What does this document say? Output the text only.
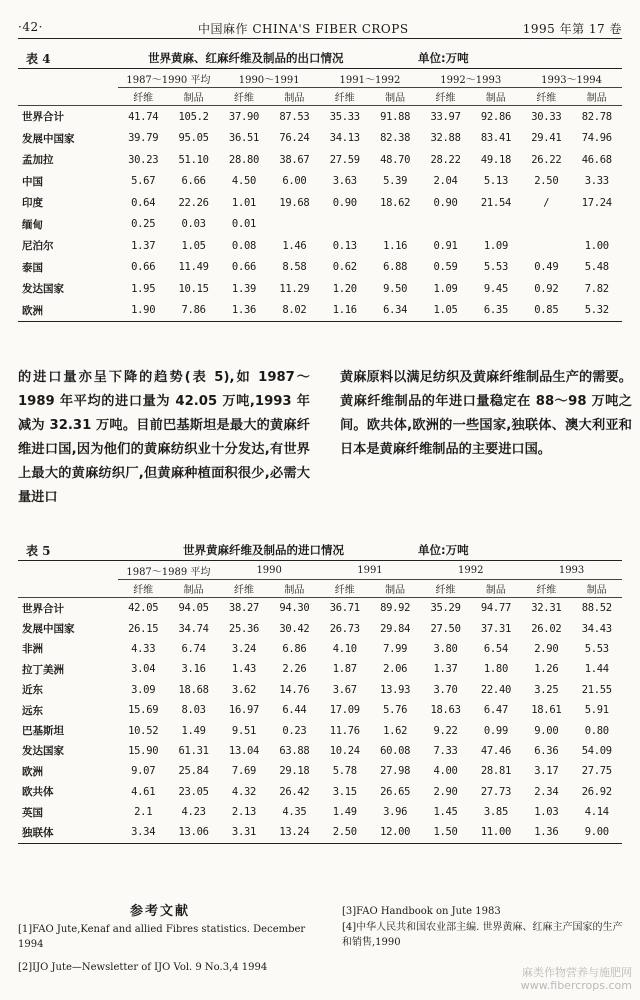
·42·	中国麻作 CHINA'S FIBER CROPS	1995 年第 17 卷
表 4	世界黄麻、红麻纤维及制品的出口情况	单位:万吨
	1987～1990 平均		1990～1991		1991～1992		1992～1993		1993～1994	
	纤维	制品	纤维	制品	纤维	制品	纤维	制品	纤维	制品
世界合计	41.74	105.2	37.90	87.53	35.33	91.88	33.97	92.86	30.33	82.78
发展中国家	39.79	95.05	36.51	76.24	34.13	82.38	32.88	83.41	29.41	74.96
孟加拉	30.23	51.10	28.80	38.67	27.59	48.70	28.22	49.18	26.22	46.68
中国	5.67	6.66	4.50	6.00	3.63	5.39	2.04	5.13	2.50	3.33
印度	0.64	22.26	1.01	19.68	0.90	18.62	0.90	21.54	/	17.24
缅甸	0.25	0.03	0.01							
尼泊尔	1.37	1.05	0.08	1.46	0.13	1.16	0.91	1.09		1.00
泰国	0.66	11.49	0.66	8.58	0.62	6.88	0.59	5.53	0.49	5.48
发达国家	1.95	10.15	1.39	11.29	1.20	9.50	1.09	9.45	0.92	7.82
欧洲	1.90	7.86	1.36	8.02	1.16	6.34	1.05	6.35	0.85	5.32

的进口量亦呈下降的趋势(表 5),如 1987～1989 年平均的进口量为 42.05 万吨,1993 年减为 32.31 万吨。目前巴基斯坦是最大的黄麻纤维进口国,因为他们的黄麻纺织业十分发达,有世界上最大的黄麻纺织厂,但黄麻种植面积很少,必需大量进口

黄麻原料以满足纺织及黄麻纤维制品生产的需要。黄麻纤维制品的年进口量稳定在 88～98 万吨之间。欧共体,欧洲的一些国家,独联体、澳大利亚和日本是黄麻纤维制品的主要进口国。

表 5	世界黄麻纤维及制品的进口情况	单位:万吨
	1987～1989 平均		1990		1991		1992		1993	
	纤维	制品	纤维	制品	纤维	制品	纤维	制品	纤维	制品
世界合计	42.05	94.05	38.27	94.30	36.71	89.92	35.29	94.77	32.31	88.52
发展中国家	26.15	34.74	25.36	30.42	26.73	29.84	27.50	37.31	26.02	34.43
非洲	4.33	6.74	3.24	6.86	4.10	7.99	3.80	6.54	2.90	5.53
拉丁美洲	3.04	3.16	1.43	2.26	1.87	2.06	1.37	1.80	1.26	1.44
近东	3.09	18.68	3.62	14.76	3.67	13.93	3.70	22.40	3.25	21.55
远东	15.69	8.03	16.97	6.44	17.09	5.76	18.63	6.47	18.61	5.91
巴基斯坦	10.52	1.49	9.51	0.23	11.76	1.62	9.22	0.99	9.00	0.80
发达国家	15.90	61.31	13.04	63.88	10.24	60.08	7.33	47.46	6.36	54.09
欧洲	9.07	25.84	7.69	29.18	5.78	27.98	4.00	28.81	3.17	27.75
欧共体	4.61	23.05	4.32	26.42	3.15	26.65	2.90	27.73	2.34	26.92
英国	2.1	4.23	2.13	4.35	1.49	3.96	1.45	3.85	1.03	4.14
独联体	3.34	13.06	3.31	13.24	2.50	12.00	1.50	11.00	1.36	9.00
参考文献
[1]FAO Jute,Kenaf and allied Fibres statistics. December 1994
[2]IJO Jute—Newsletter of IJO Vol. 9 No.3,4 1994
[3]FAO Handbook on Jute 1983
[4]中华人民共和国农业部主编. 世界黄麻、红麻主产国家的生产和销售,1990
麻类作物营养与施肥网
www.fibercrops.com
